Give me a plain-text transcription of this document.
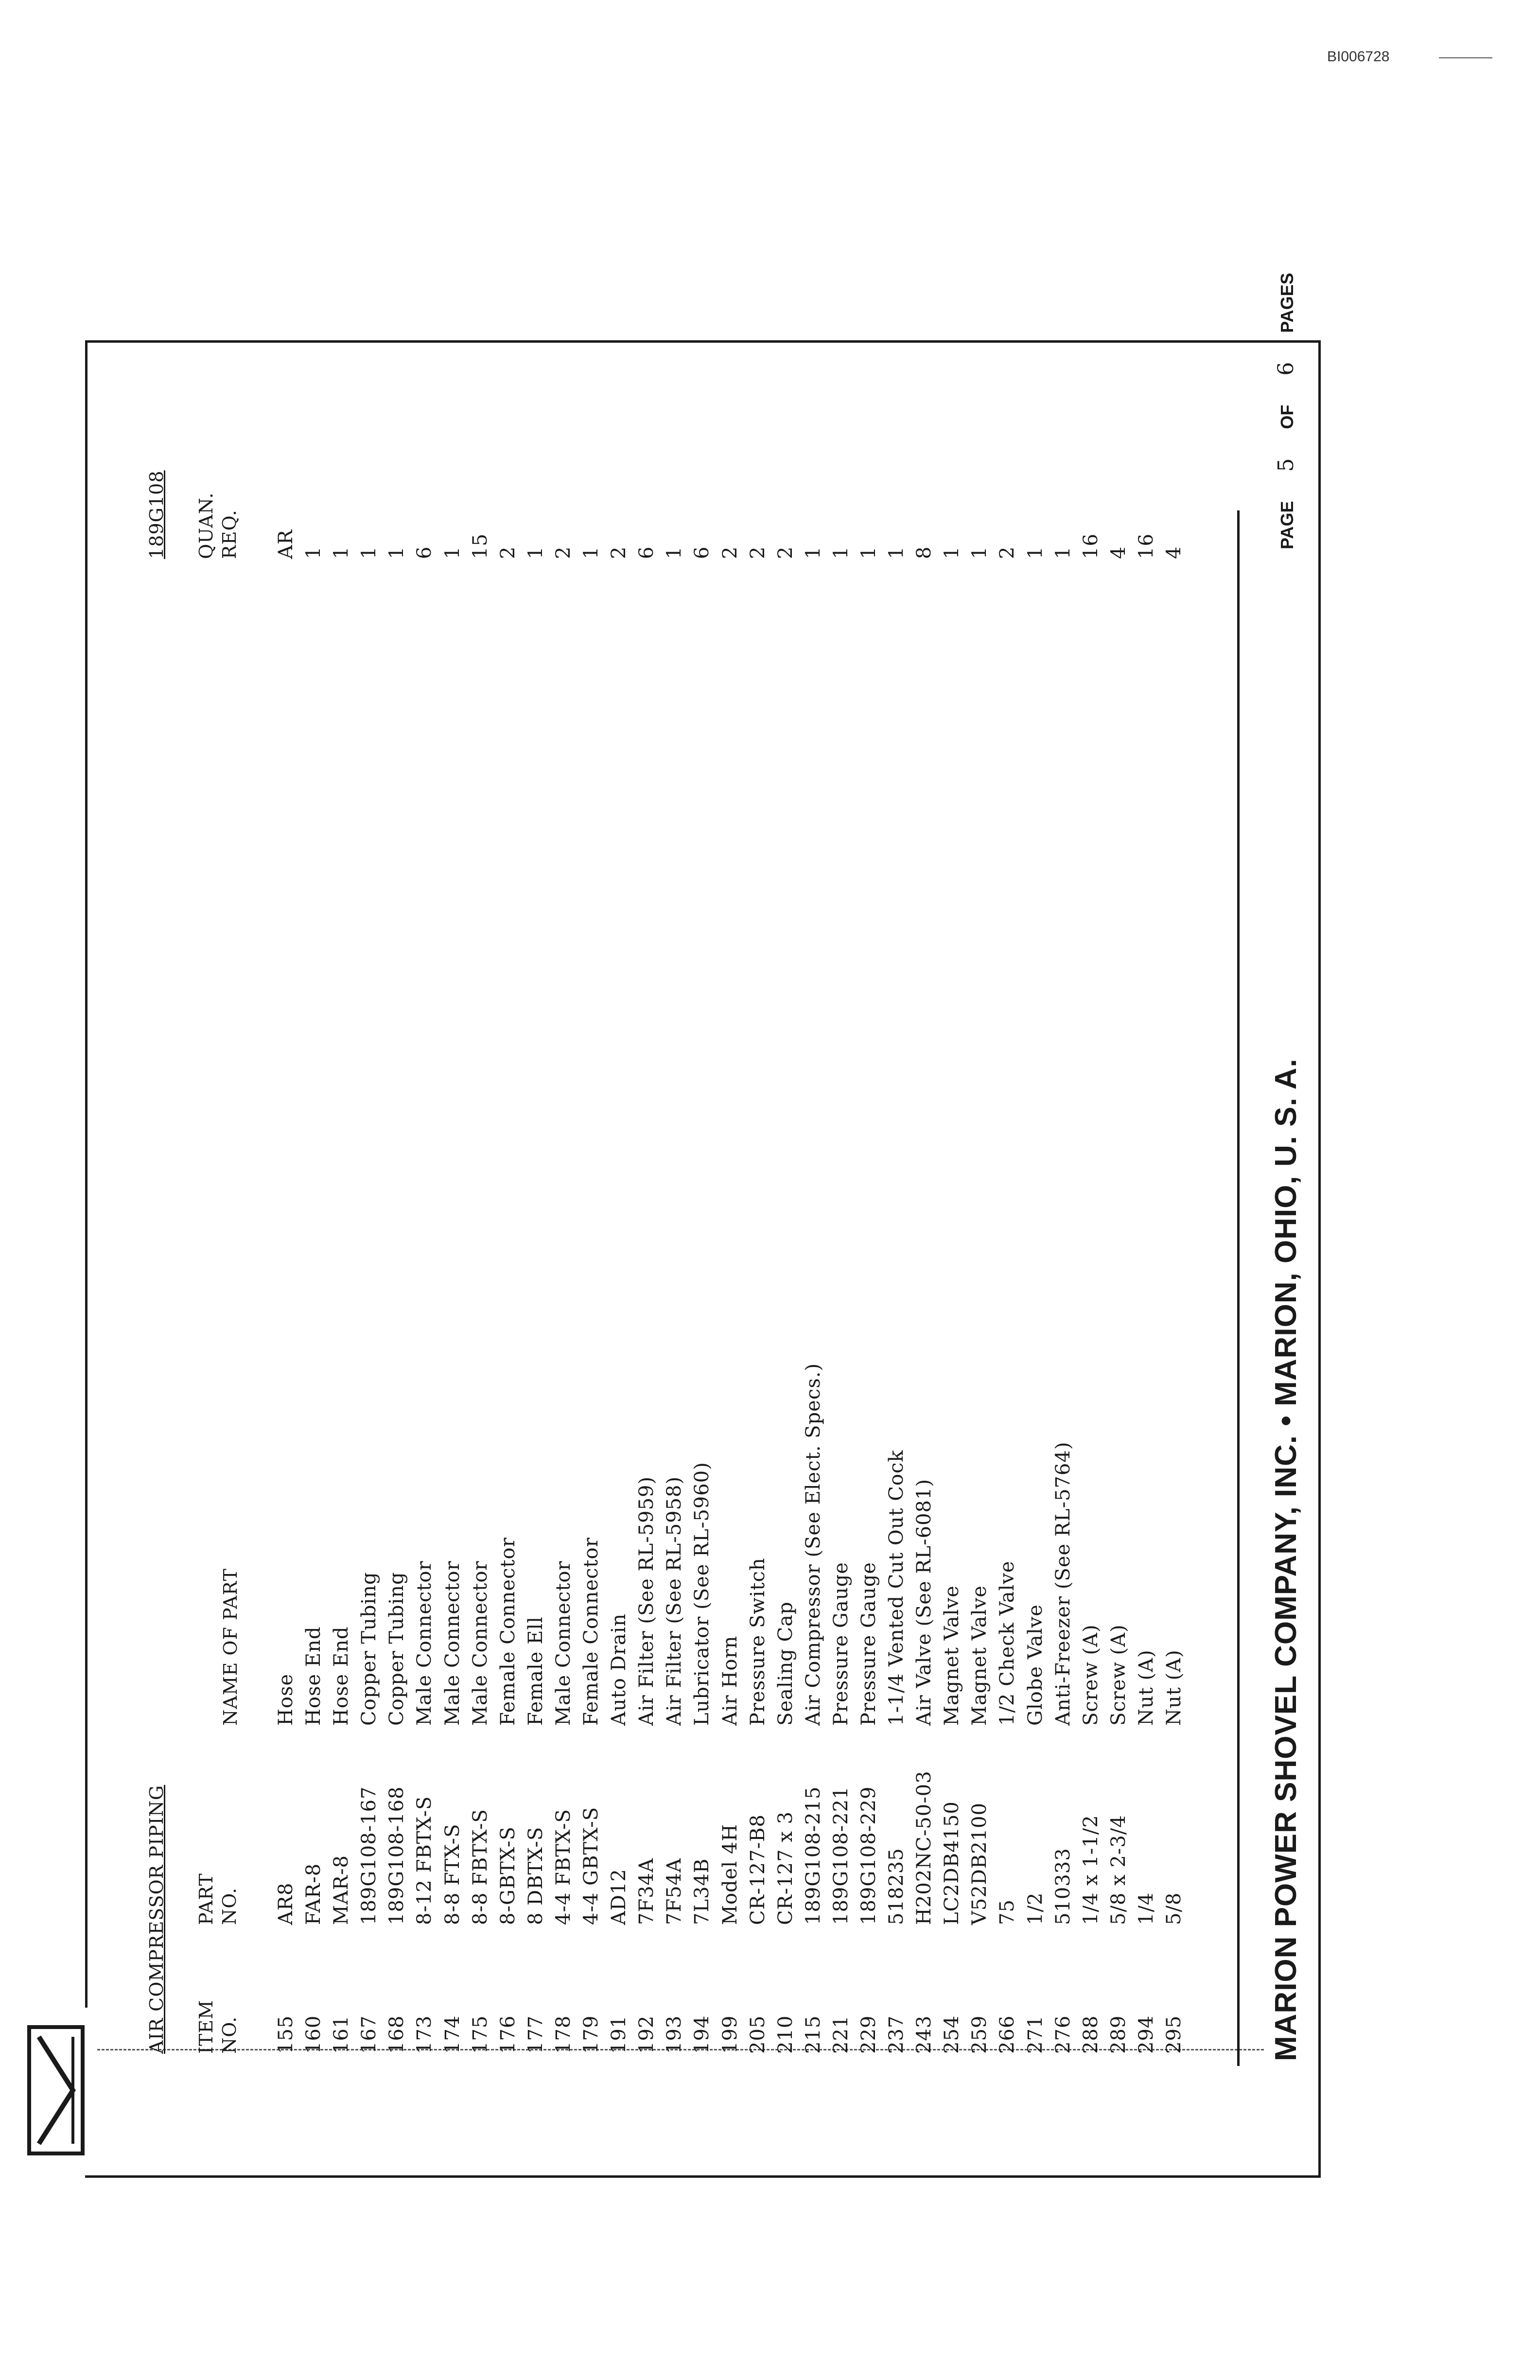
BI006728
AIR COMPRESSOR PIPING
189G108
ITEM NO.
PART NO.
NAME OF PART
QUAN. REQ.
155
AR8
Hose
AR
160
FAR-8
Hose End
1
161
MAR-8
Hose End
1
167
189G108-167
Copper Tubing
1
168
189G108-168
Copper Tubing
1
173
8-12 FBTX-S
Male Connector
6
174
8-8 FTX-S
Male Connector
1
175
8-8 FBTX-S
Male Connector
15
176
8-GBTX-S
Female Connector
2
177
8 DBTX-S
Female Ell
1
178
4-4 FBTX-S
Male Connector
2
179
4-4 GBTX-S
Female Connector
1
191
AD12
Auto Drain
2
192
7F34A
Air Filter (See RL-5959)
6
193
7F54A
Air Filter (See RL-5958)
1
194
7L34B
Lubricator (See RL-5960)
6
199
Model 4H
Air Horn
2
205
CR-127-B8
Pressure Switch
2
210
CR-127 x 3
Sealing Cap
2
215
189G108-215
Air Compressor (See Elect. Specs.)
1
221
189G108-221
Pressure Gauge
1
229
189G108-229
Pressure Gauge
1
237
518235
1-1/4 Vented Cut Out Cock
1
243
H202NC-50-03
Air Valve (See RL-6081)
8
254
LC2DB4150
Magnet Valve
1
259
V52DB2100
Magnet Valve
1
266
75
1/2 Check Valve
2
271
1/2
Globe Valve
1
276
510333
Anti-Freezer (See RL-5764)
1
288
1/4 x 1-1/2
Screw (A)
16
289
5/8 x 2-3/4
Screw (A)
4
294
1/4
Nut (A)
16
295
5/8
Nut (A)
4
MARION POWER SHOVEL COMPANY, INC. • MARION, OHIO, U. S. A.
PAGE 5 OF 6 PAGES
